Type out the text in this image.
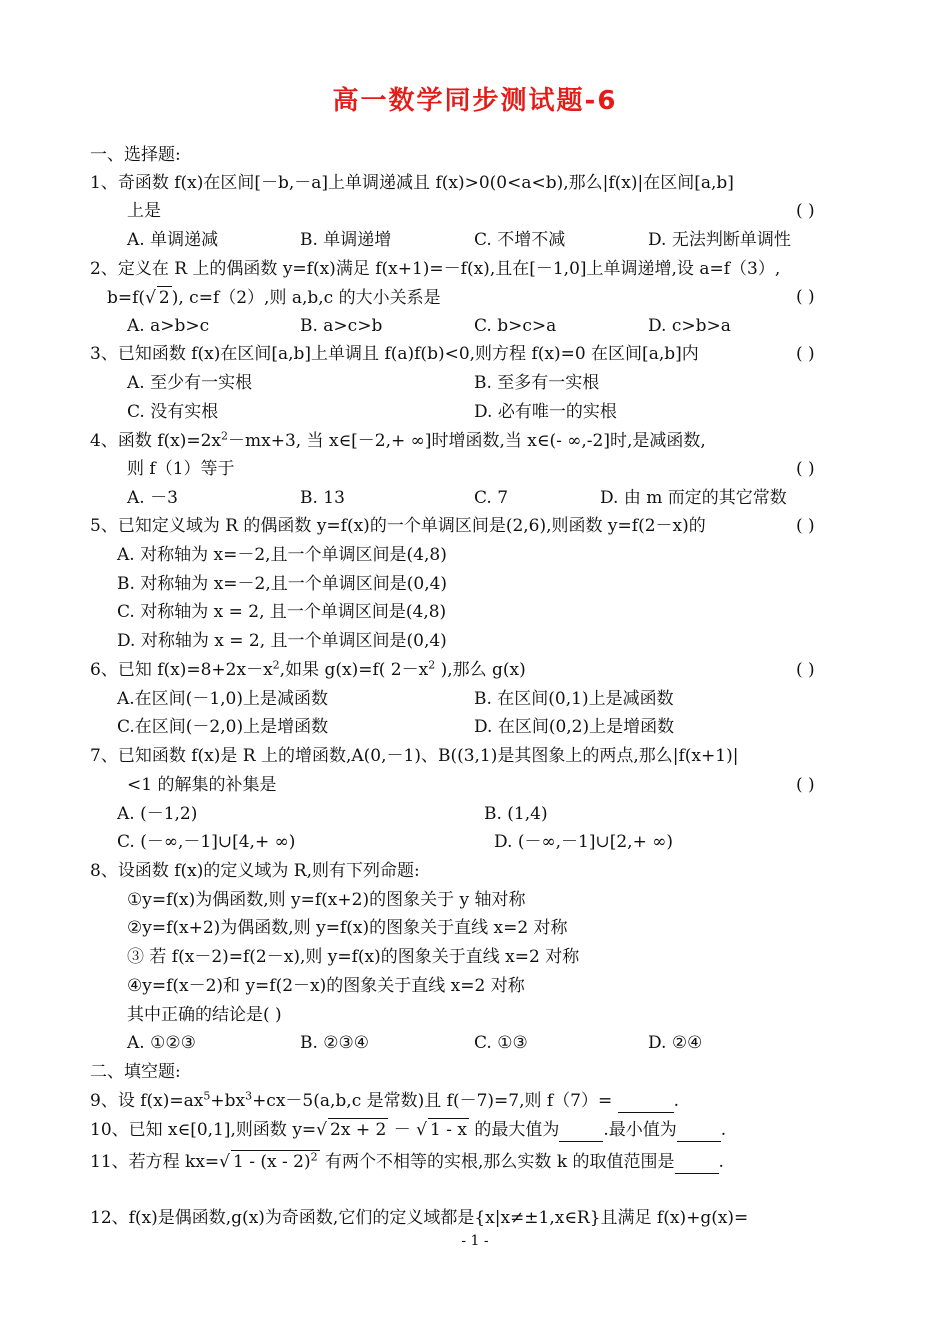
高一数学同步测试题-6
一、选择题:
1、奇函数 f(x)在区间[－b,－a]上单调递减且 f(x)>0(0<a<b),那么|f(x)|在区间[a,b]
上是	( )
A. 单调递减	B. 单调递增	C. 不增不减	D. 无法判断单调性
2、定义在 R 上的偶函数 y=f(x)满足 f(x+1)=－f(x),且在[－1,0]上单调递增,设 a=f（3）,
b=f(√ 2 ), c=f（2）,则 a,b,c 的大小关系是	( )
A. a>b>c	B. a>c>b	C. b>c>a	D. c>b>a
3、已知函数 f(x)在区间[a,b]上单调且 f(a)f(b)<0,则方程 f(x)=0 在区间[a,b]内	( )
A. 至少有一实根	B. 至多有一实根
C. 没有实根	D. 必有唯一的实根
4、函数 $f(x)=2x^2-mx+3$, 当 x∈[－2,+ ∞]时增函数,当 x∈(- ∞,-2]时,是减函数,
则 f（1）等于	( )
A. －3	B. 13	C. 7	D. 由 m 而定的其它常数
5、已知定义域为 R 的偶函数 y=f(x)的一个单调区间是(2,6),则函数 y=f(2－x)的	( )
A. 对称轴为 x=－2,且一个单调区间是(4,8)
B. 对称轴为 x=－2,且一个单调区间是(0,4)
C. 对称轴为 x = 2, 且一个单调区间是(4,8)
D. 对称轴为 x = 2, 且一个单调区间是(0,4)
6、已知 $f(x)=8+2x-x^2$,如果 g(x)=f( $2-x^2$ ),那么 g(x)	( )
A.在区间(－1,0)上是减函数	B. 在区间(0,1)上是减函数
C.在区间(－2,0)上是增函数	D. 在区间(0,2)上是增函数
7、已知函数 f(x)是 R 上的增函数,A(0,－1)、B((3,1)是其图象上的两点,那么|f(x+1)|
<1 的解集的补集是	( )
A. (－1,2)	B. (1,4)
C. (－∞,－1]∪[4,+ ∞)	D. (－∞,－1]∪[2,+ ∞)
8、设函数 f(x)的定义域为 R,则有下列命题:
①y=f(x)为偶函数,则 y=f(x+2)的图象关于 y 轴对称
②y=f(x+2)为偶函数,则 y=f(x)的图象关于直线 x=2 对称
③ 若 f(x－2)=f(2－x),则 y=f(x)的图象关于直线 x=2 对称
④y=f(x－2)和 y=f(2－x)的图象关于直线 x=2 对称
其中正确的结论是( )
A. ①②③	B. ②③④	C. ①③	D. ②④
二、填空题:
9、设 $f(x)=ax^5+bx^3+cx-5(a,b,c$ 是常数)且 f(－7)=7,则 f（7）=	.
10、已知 x∈[0,1],则函数 y=√ 2x + 2 － √ 1 - x 的最大值为	.最小值为	.
11、若方程 kx=√ 1 - (x - 2)$^2$ 有两个不相等的实根,那么实数 k 的取值范围是	.
12、f(x)是偶函数,g(x)为奇函数,它们的定义域都是{x|x≠±1,x∈R}且满足 f(x)+g(x)=
- 1 -
